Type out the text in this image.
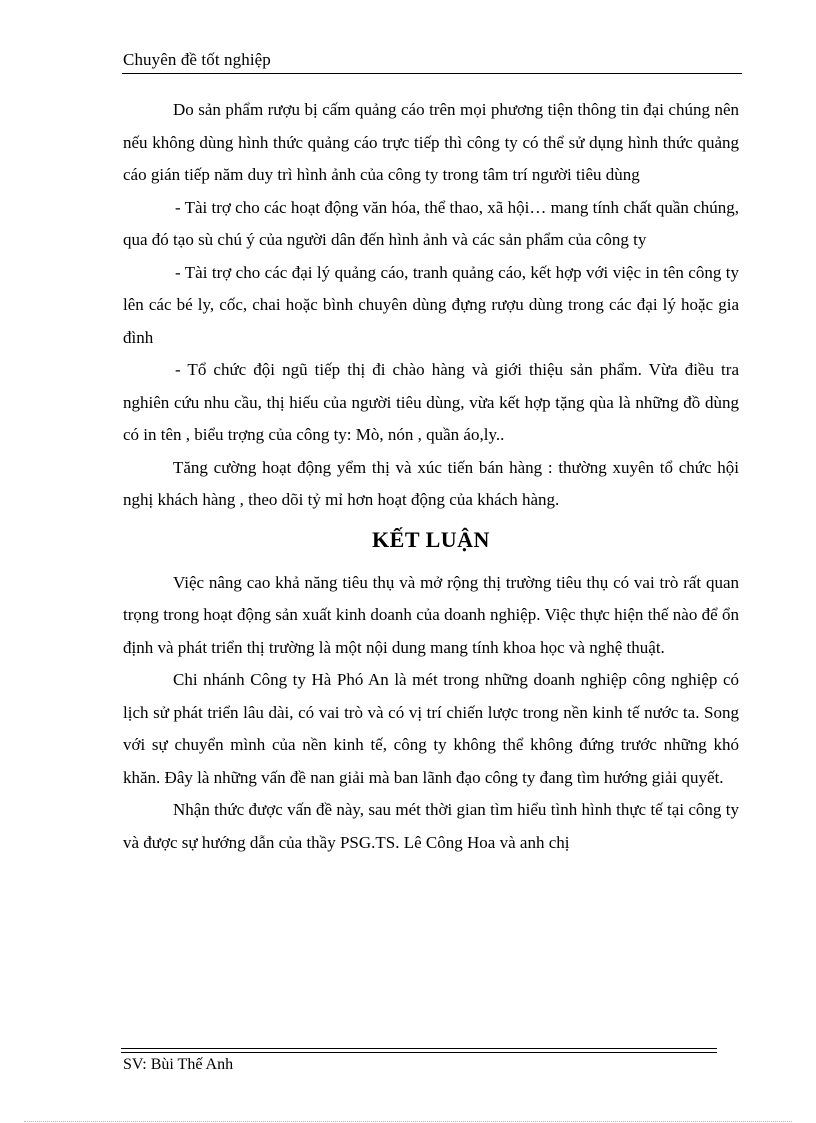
Chuyên đề tốt nghiệp

Do sản phẩm rượu bị cấm quảng cáo trên mọi phương tiện thông tin đại chúng nên nếu không dùng hình thức quảng cáo trực tiếp thì công ty có thể sử dụng hình thức quảng cáo gián tiếp năm duy trì hình ảnh của công ty trong tâm trí người tiêu dùng

- Tài trợ cho các hoạt động văn hóa, thể thao, xã hội… mang tính chất quần chúng, qua đó tạo sù chú ý của người dân đến hình ảnh và các sản phẩm của công ty

- Tài trợ cho các đại lý quảng cáo, tranh quảng cáo, kết hợp với việc in tên công ty lên các bé ly, cốc, chai hoặc bình chuyên dùng đựng rượu dùng trong các đại lý hoặc gia đình

- Tổ chức đội ngũ tiếp thị đi chào hàng và giới thiệu sản phẩm. Vừa điều tra nghiên cứu nhu cầu, thị hiếu của người tiêu dùng, vừa kết hợp tặng qùa là những đồ dùng có in tên , biểu trợng của công ty: Mò, nón , quần áo,ly..

Tăng cường hoạt động yểm thị và xúc tiến bán hàng : thường xuyên tổ chức hội nghị khách hàng , theo dõi tỷ mỉ hơn hoạt động của khách hàng.

KẾT LUẬN

Việc nâng cao khả năng tiêu thụ và mở rộng thị trường tiêu thụ có vai trò rất quan trọng trong hoạt động sản xuất kinh doanh của doanh nghiệp. Việc thực hiện thế nào để ổn định và phát triển thị trường là một nội dung mang tính khoa học và nghệ thuật.

Chi nhánh Công ty Hà Phó An là mét trong những doanh nghiệp công nghiệp có lịch sử phát triển lâu dài, có vai trò và có vị trí chiến lược trong nền kinh tế nước ta. Song với sự chuyển mình của nền kinh tế, công ty không thể không đứng trước những khó khăn. Đây là những vấn đề nan giải mà ban lãnh đạo công ty đang tìm hướng giải quyết.

Nhận thức được vấn đề này, sau mét thời gian tìm hiểu tình hình thực tế tại công ty và được sự hướng dẫn của thầy PSG.TS. Lê Công Hoa và anh chị

SV: Bùi Thế Anh
